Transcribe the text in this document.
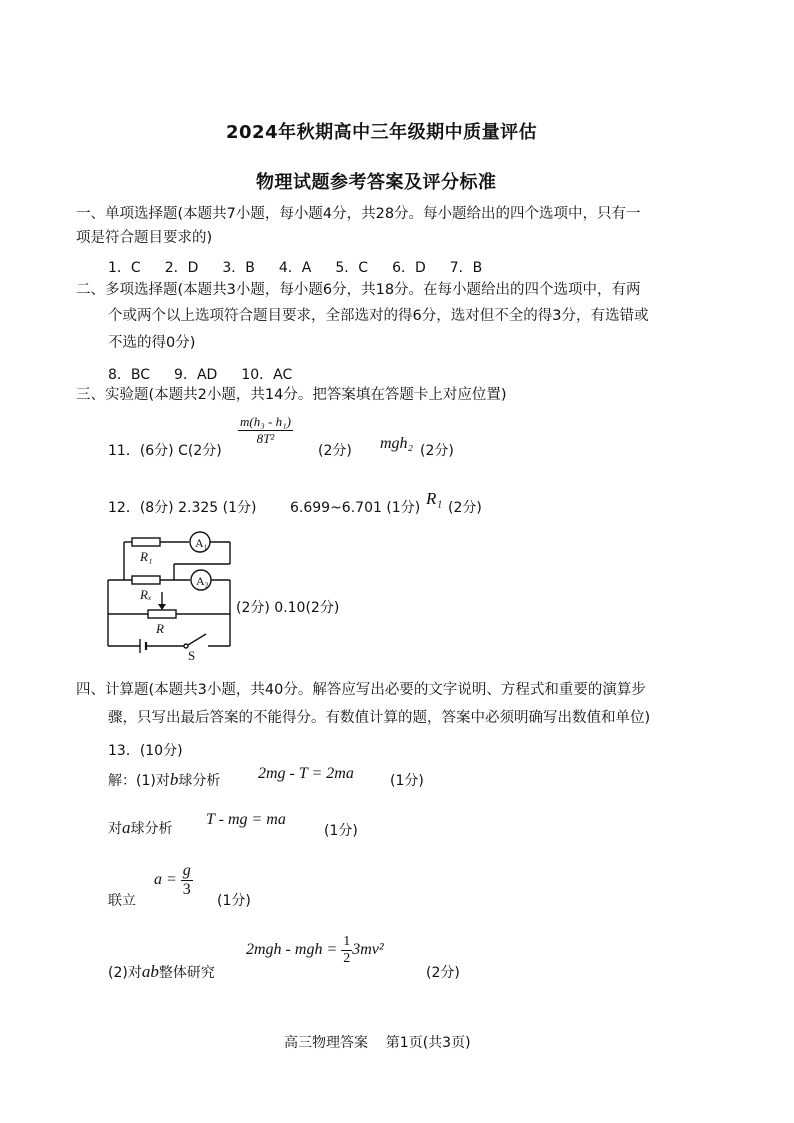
2024年秋期高中三年级期中质量评估
物理试题参考答案及评分标准
一、单项选择题(本题共7小题，每小题4分，共28分。每小题给出的四个选项中，只有一
项是符合题目要求的)
1．C 2．D 3．B 4．A 5．C 6．D 7．B
二、多项选择题(本题共3小题，每小题6分，共18分。在每小题给出的四个选项中，有两
个或两个以上选项符合题目要求，全部选对的得6分，选对但不全的得3分，有选错或
不选的得0分)
8．BC 9．AD 10．AC
三、实验题(本题共2小题，共14分。把答案填在答题卡上对应位置)
11．(6分) C(2分)
$\frac{\text{m(h₃ - h₁)}}{\text{8T²}}$
(2分) mgh₂ (2分)
12．(8分) 2.325 (1分) 6.699~6.701 (1分) R₁ (2分)
A₁
A₂
R₁
Rₓ
R
S
(2分) 0.10(2分)
四、计算题(本题共3小题，共40分。解答应写出必要的文字说明、方程式和重要的演算步
骤，只写出最后答案的不能得分。有数值计算的题，答案中必须明确写出数值和单位)
13．(10分)
解：(1)对b球分析 2mg - T = 2ma	(1分)
对a球分析
T - mg = ma
(1分)
联立
$a = \frac{g}{3}$
(1分)
(2)对ab整体研究
2mgh - mgh = $\frac{1}{2} 3mv^2$
(2分)
高三物理答案    第1页(共3页)
